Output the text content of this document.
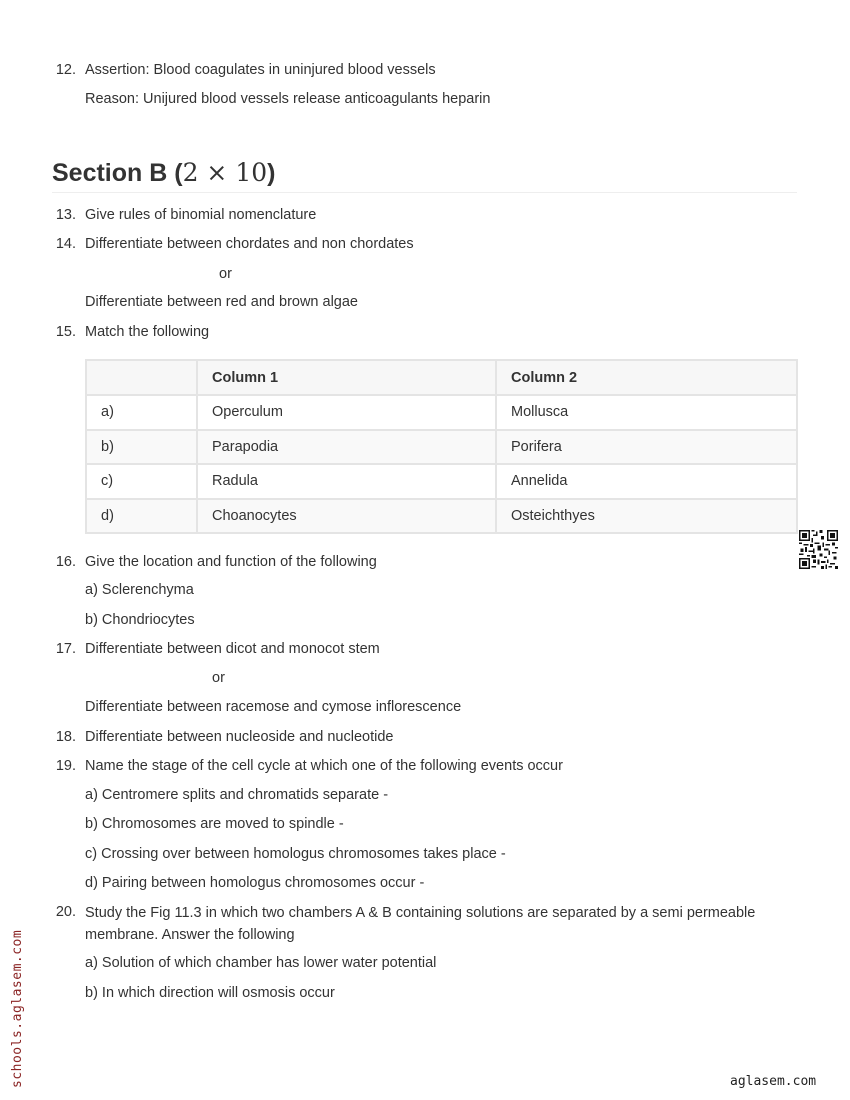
12. Assertion: Blood coagulates in uninjured blood vessels
Reason: Unijured blood vessels release anticoagulants heparin
Section B (2 × 10)
13. Give rules of binomial nomenclature
14. Differentiate between chordates and non chordates
or
Differentiate between red and brown algae
15. Match the following
	Column 1	Column 2
a)	Operculum	Mollusca
b)	Parapodia	Porifera
c)	Radula	Annelida
d)	Choanocytes	Osteichthyes
16. Give the location and function of the following
a) Sclerenchyma
b) Chondriocytes
17. Differentiate between dicot and monocot stem
or
Differentiate between racemose and cymose inflorescence
18. Differentiate between nucleoside and nucleotide
19. Name the stage of the cell cycle at which one of the following events occur
a) Centromere splits and chromatids separate -
b) Chromosomes are moved to spindle -
c) Crossing over between homologus chromosomes takes place -
d) Pairing between homologus chromosomes occur -
20. Study the Fig 11.3 in which two chambers A & B containing solutions are separated by a semi permeable membrane. Answer the following
a) Solution of which chamber has lower water potential
b) In which direction will osmosis occur
schools.aglasem.com	aglasem.com
